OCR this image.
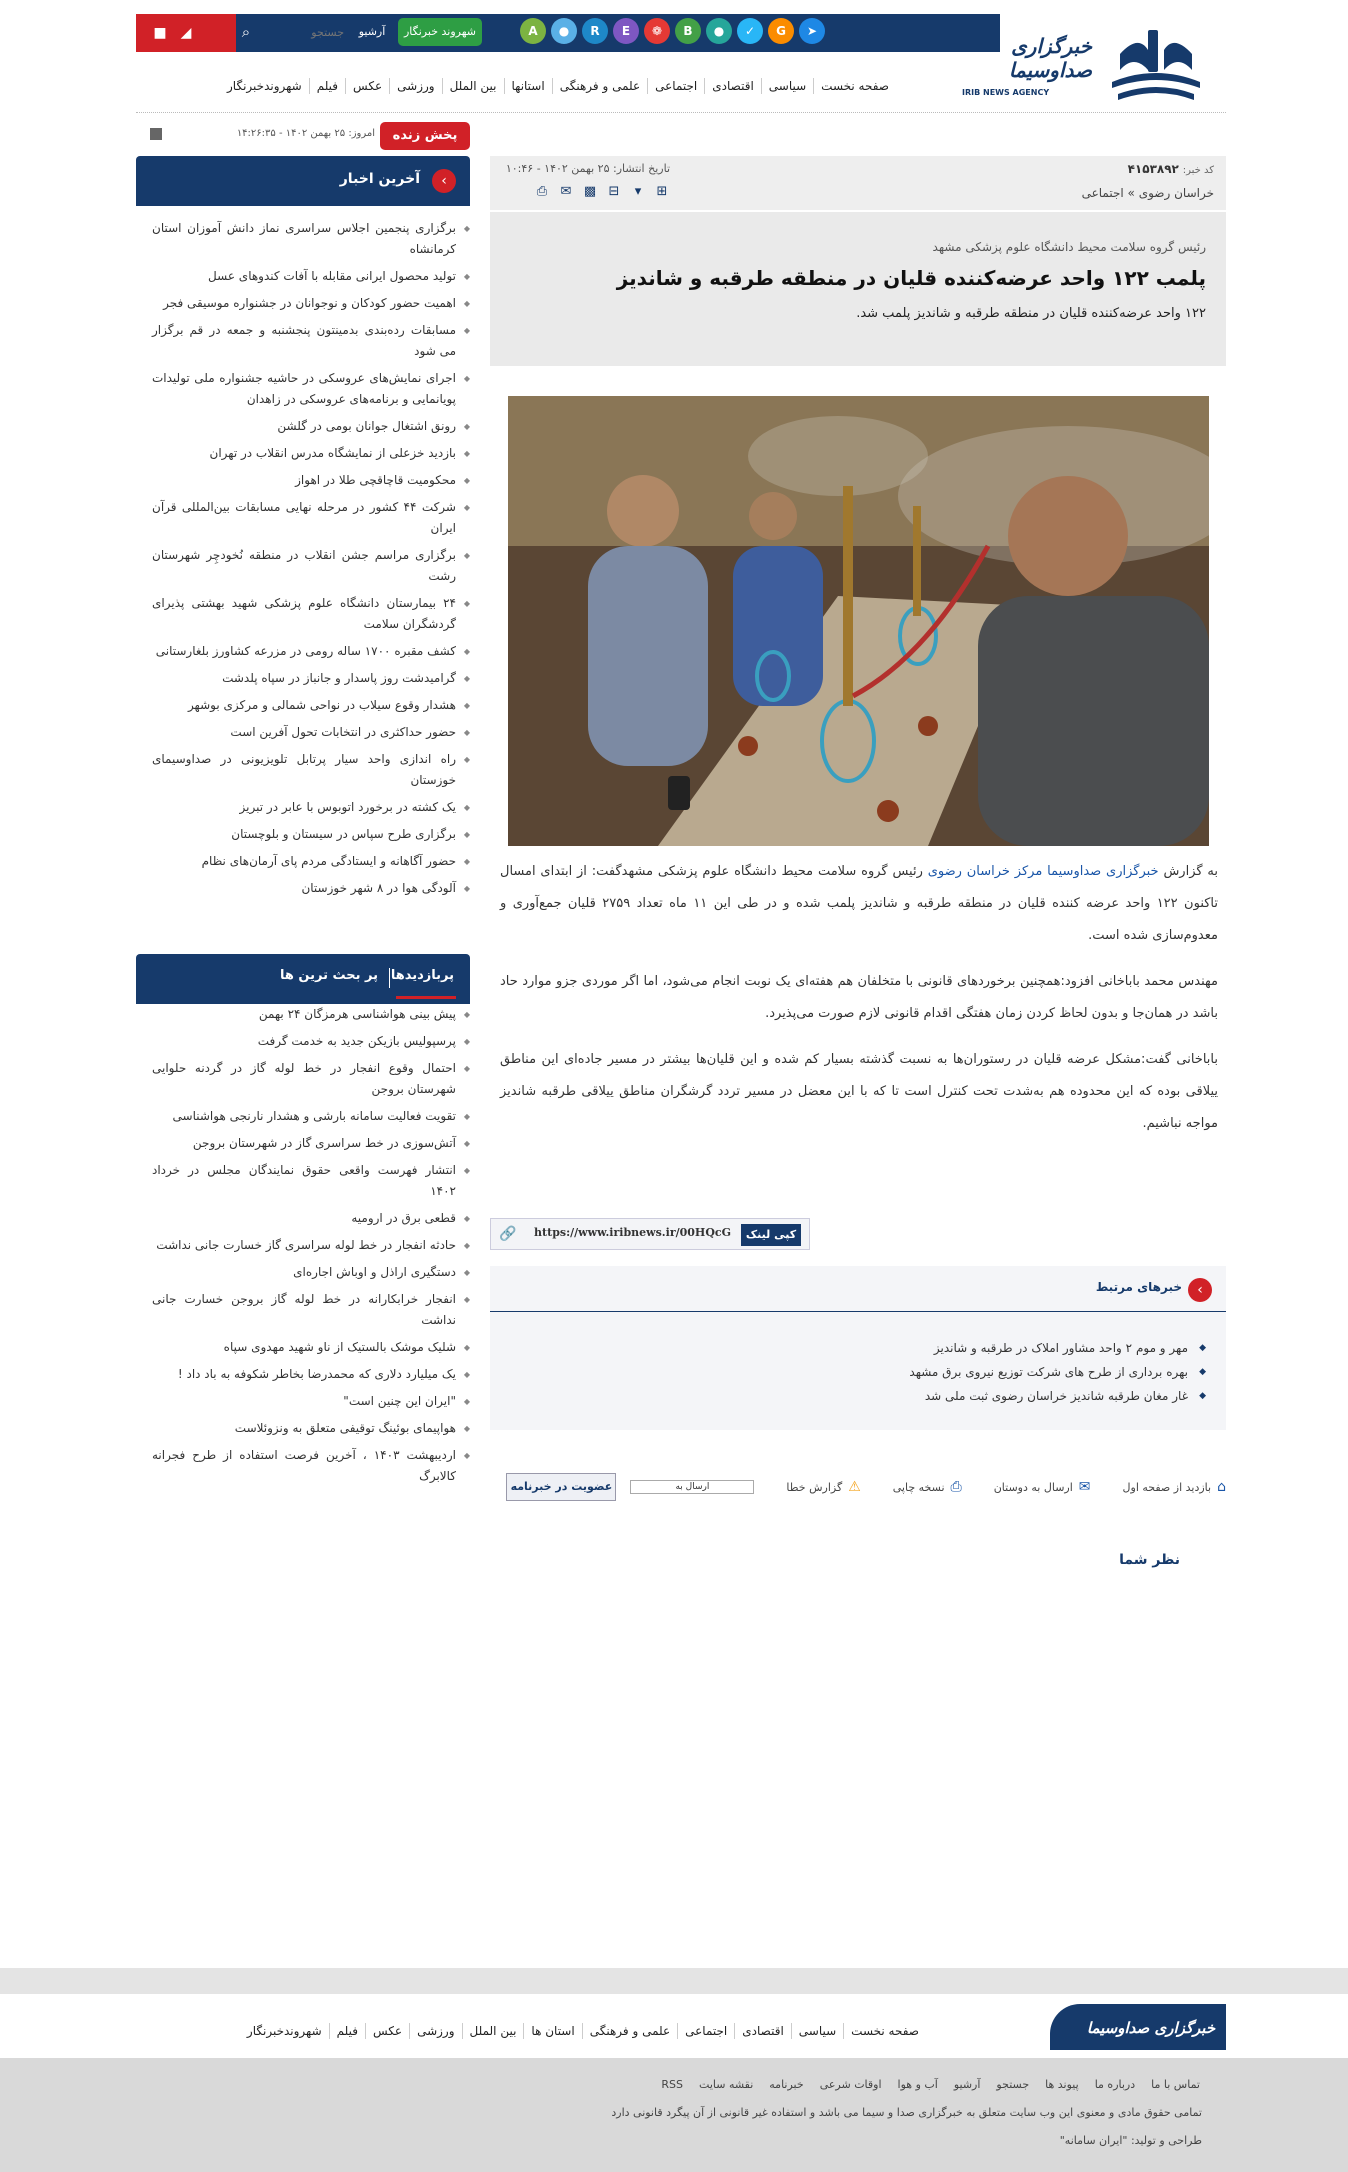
■	◢	⌕
جستجو	آرشیو	شهروند خبرنگار	A	●	R	E	❁	B	●	✓	G	➤
خبرگزاری صداوسیما
IRIB NEWS AGENCY
صفحه نخست
سیاسی
اقتصادی
اجتماعی
علمی و فرهنگی
استانها
بین الملل
ورزشی
عکس
فیلم
شهروندخبرنگار
پخش زنده
امروز: ۲۵ بهمن ۱۴۰۲ - ۱۴:۲۶:۳۵
‹
آخرین اخبار
◆ برگزاری پنجمین اجلاس سراسری نماز دانش آموزان استان کرمانشاه
◆ تولید محصول ایرانی مقابله با آفات کندوهای عسل
◆ اهمیت حضور کودکان و نوجوانان در جشنواره موسیقی فجر
◆ مسابقات رده‌بندی بدمینتون پنجشنبه و جمعه در قم برگزار می شود
◆ اجرای نمایش‌های عروسکی در حاشیه جشنواره ملی تولیدات پویانمایی و برنامه‌های عروسکی در زاهدان
◆ رونق اشتغال جوانان بومی در گلشن
◆ بازدید خزعلی از نمایشگاه مدرس انقلاب در تهران
◆ محکومیت قاچاقچی طلا در اهواز
◆ شرکت ۴۴ کشور در مرحله نهایی مسابقات بین‌المللی قرآن ایران
◆ برگزاری مراسم جشن انقلاب در منطقه نُخودچِر شهرستان رشت
◆ ۲۴ بیمارستان دانشگاه علوم پزشکی شهید بهشتی پذیرای گردشگران سلامت
◆ کشف مقبره ۱۷۰۰ ساله رومی در مزرعه کشاورز بلغارستانی
◆ گرامیدشت روز پاسدار و جانباز در سپاه پلدشت
◆ هشدار وقوع سیلاب در نواحی شمالی و مرکزی بوشهر
◆ حضور حداکثری در انتخابات تحول آفرین است
◆ راه اندازی واحد سیار پرتابل تلویزیونی در صداوسیمای خوزستان
◆ یک کشته در برخورد اتوبوس با عابر در تبریز
◆ برگزاری طرح سپاس در سیستان و بلوچستان
◆ حضور آگاهانه و ایستادگی مردم پای آرمان‌های نظام
◆ آلودگی هوا در ۸ شهر خوزستان
پربازدیدها
پر بحث ترین ها
◆ پیش بینی هواشناسی هرمزگان ۲۴ بهمن
◆ پرسپولیس بازیکن جدید به خدمت گرفت
◆ احتمال وقوع انفجار در خط لوله گاز در گردنه حلوایی شهرستان بروجن
◆ تقویت فعالیت سامانه بارشی و هشدار نارنجی هواشناسی
◆ آتش‌سوزی در خط سراسری گاز در شهرستان بروجن
◆ انتشار فهرست واقعی حقوق نمایندگان مجلس در خرداد ۱۴۰۲
◆ قطعی برق در ارومیه
◆ حادثه انفجار در خط لوله سراسری گاز خسارت جانی نداشت
◆ دستگیری اراذل و اوباش اجاره‌ای
◆ انفجار خرابکارانه در خط لوله گاز بروجن خسارت جانی نداشت
◆ شلیک موشک بالستیک از ناو شهید مهدوی سپاه
◆ یک میلیارد دلاری که محمدرضا بخاطر شکوفه به باد داد !
◆ "ایران این چنین است"
◆ هواپیمای بوئینگ توقیفی متعلق به ونزوئلاست
◆ اردیبهشت ۱۴۰۳ ، آخرین فرصت استفاده از طرح فجرانه کالابرگ
کد خبر: ۴۱۵۳۸۹۲
تاریخ انتشار: ۲۵ بهمن ۱۴۰۲ - ۱۰:۴۶
خراسان رضوی » اجتماعی
⊞
▾
⊟
▩
✉
⎙
رئیس گروه سلامت محیط دانشگاه علوم پزشکی مشهد
پلمب ۱۲۲ واحد عرضه‌کننده قلیان در منطقه طرقبه و شاندیز
۱۲۲ واحد عرضه‌کننده قلیان در منطقه طرقبه و شاندیز پلمب شد.

به گزارش خبرگزاری صداوسیما مرکز خراسان رضوی رئیس گروه سلامت محیط دانشگاه علوم پزشکی مشهدگفت: از ابتدای امسال تاکنون ۱۲۲ واحد عرضه کننده قلیان در منطقه طرقبه و شاندیز پلمب شده و در طی این ۱۱ ماه تعداد ۲۷۵۹ قلیان جمع‌آوری و معدوم‌سازی شده است.

مهندس محمد باباخانی افزود:همچنین برخوردهای قانونی با متخلفان هم هفته‌ای یک نوبت انجام می‌شود، اما اگر موردی جزو موارد حاد باشد در همان‌جا و بدون لحاظ کردن زمان هفتگی اقدام قانونی لازم صورت می‌پذیرد.

باباخانی گفت:مشکل عرضه قلیان در رستوران‌ها به نسبت گذشته بسیار کم شده و این قلیان‌ها بیشتر در مسیر جاده‌ای این مناطق ییلاقی بوده که این محدوده هم به‌شدت تحت کنترل است تا که با این معضل در مسیر تردد گرشگران مناطق ییلاقی طرقبه شاندیز مواجه نباشیم.

کپی لینک
https://www.iribnews.ir/00HQcG
🔗
‹
خبرهای مرتبط
◆ مهر و موم ۲ واحد مشاور املاک در طرقبه و شاندیز
◆ بهره برداری از طرح های شرکت توزیع نیروی برق مشهد
◆ غار مغان طرقبه شاندیز خراسان رضوی ثبت ملی شد
⌂
بازدید از صفحه اول
✉
ارسال به دوستان
⎙
نسخه چاپی
⚠
گزارش خطا
ارسال به
عضویت در خبرنامه
نظر شما
خبرگزاری صداوسیما
صفحه نخست
سیاسی
اقتصادی
اجتماعی
علمی و فرهنگی
استان ها
بین الملل
ورزشی
عکس
فیلم
شهروندخبرنگار
تماس با ما
درباره ما
پیوند ها
جستجو
آرشیو
آب و هوا
اوقات شرعی
خبرنامه
نقشه سایت
RSS
تمامی حقوق مادی و معنوی این وب سایت متعلق به خبرگزاری صدا و سیما می باشد و استفاده غیر قانونی از آن پیگرد قانونی دارد
طراحی و تولید: "ایران سامانه"
